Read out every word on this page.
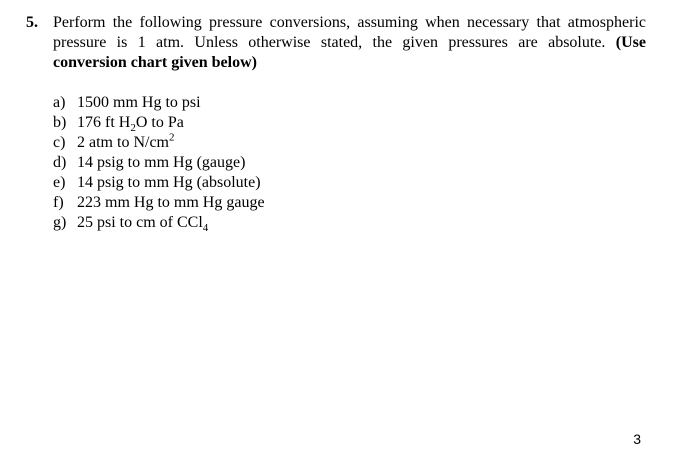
5. Perform the following pressure conversions, assuming when necessary that atmospheric pressure is 1 atm. Unless otherwise stated, the given pressures are absolute. (Use conversion chart given below)
a) 1500 mm Hg to psi
b) 176 ft $H_2O$ to Pa
c) 2 atm to $N/cm^2$
d) 14 psig to mm Hg (gauge)
e) 14 psig to mm Hg (absolute)
f) 223 mm Hg to mm Hg gauge
g) 25 psi to cm of CCl$_4$
3
